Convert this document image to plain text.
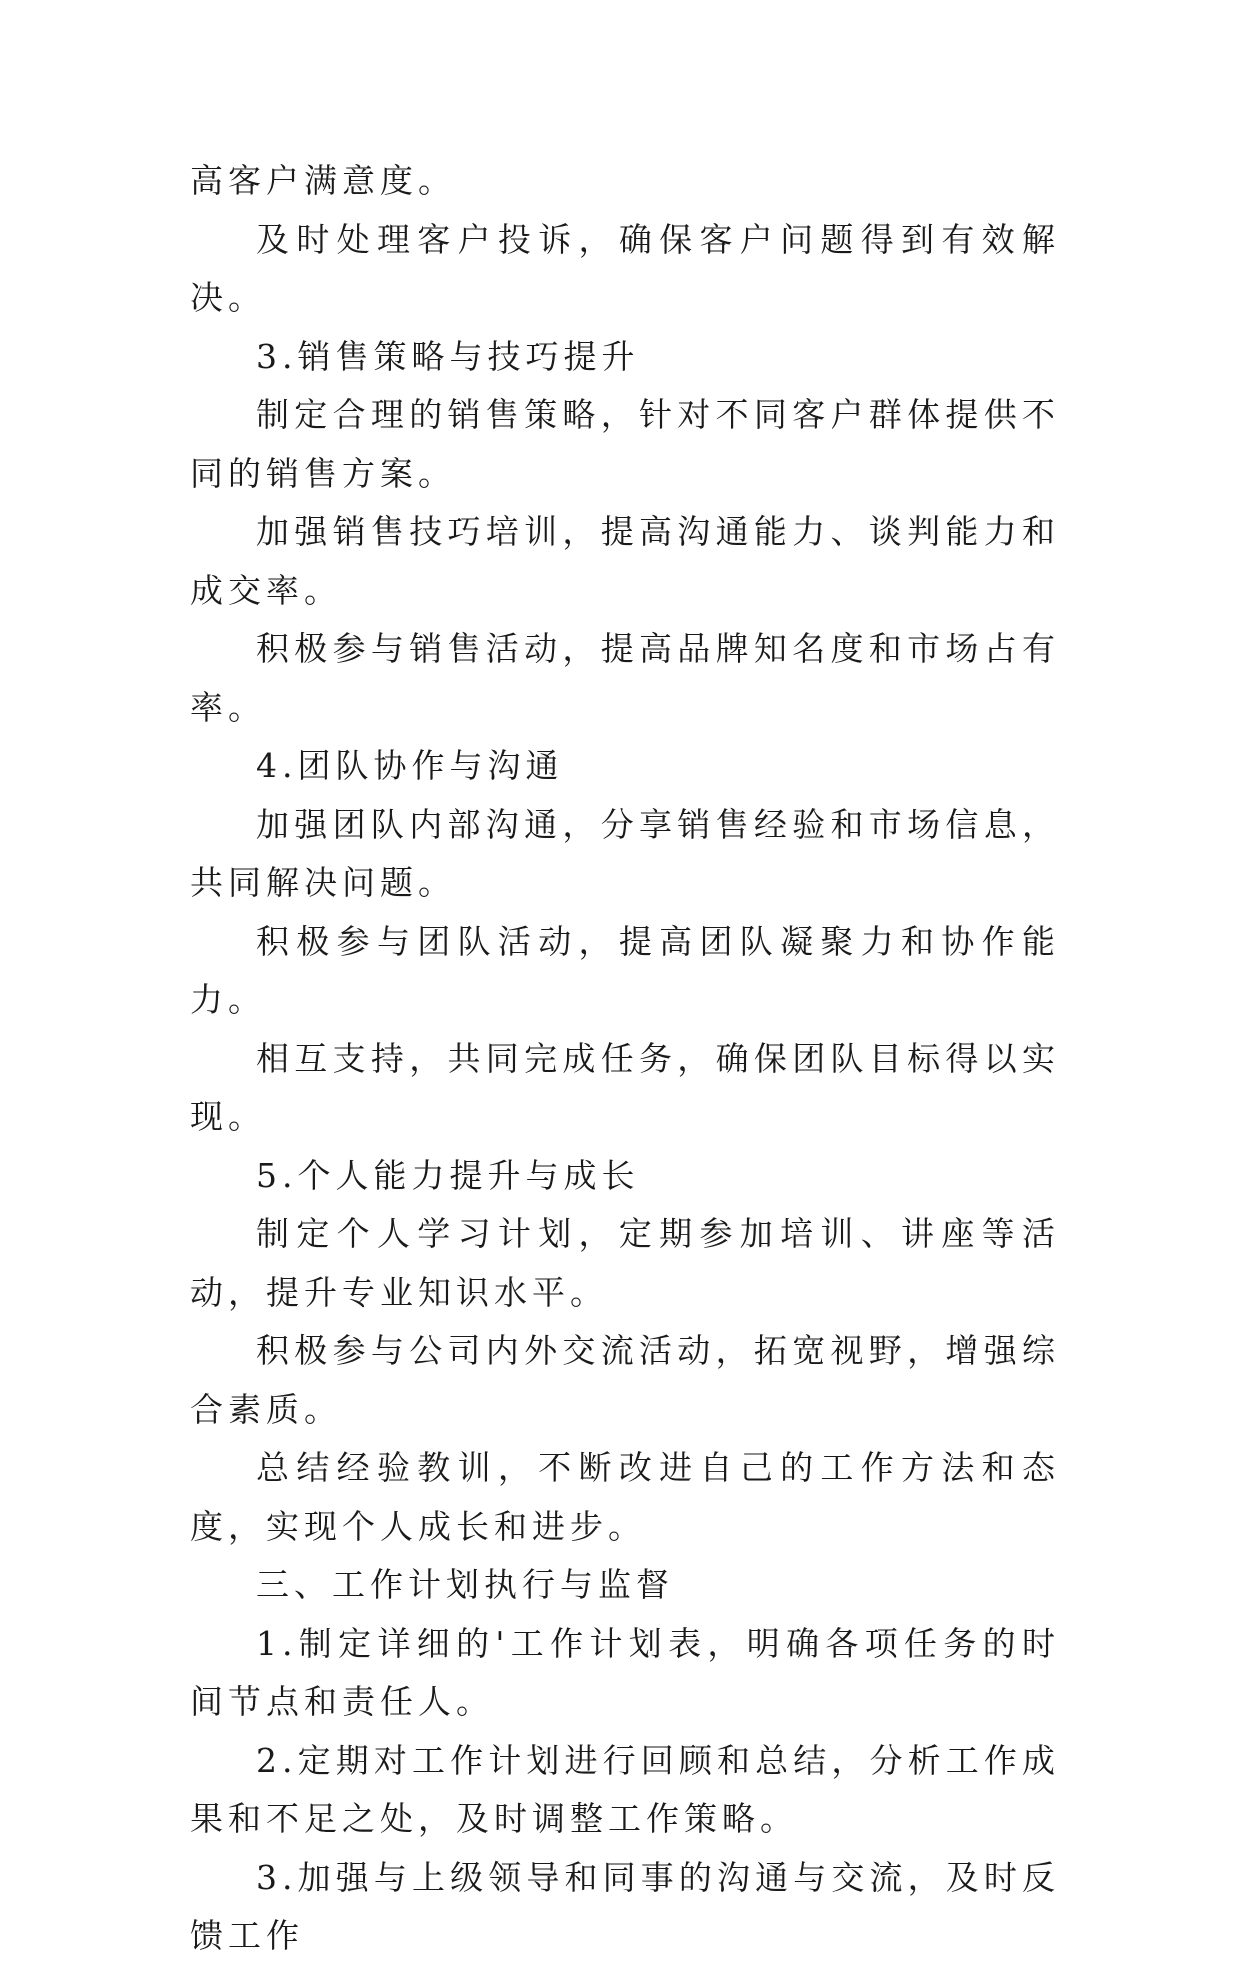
高客户满意度。

及时处理客户投诉，确保客户问题得到有效解决。

3.销售策略与技巧提升

制定合理的销售策略，针对不同客户群体提供不同的销售方案。

加强销售技巧培训，提高沟通能力、谈判能力和成交率。

积极参与销售活动，提高品牌知名度和市场占有率。

4.团队协作与沟通

加强团队内部沟通，分享销售经验和市场信息，共同解决问题。

积极参与团队活动，提高团队凝聚力和协作能力。

相互支持，共同完成任务，确保团队目标得以实现。

5.个人能力提升与成长

制定个人学习计划，定期参加培训、讲座等活动，提升专业知识水平。

积极参与公司内外交流活动，拓宽视野，增强综合素质。

总结经验教训，不断改进自己的工作方法和态度，实现个人成长和进步。

三、工作计划执行与监督

1.制定详细的'工作计划表，明确各项任务的时间节点和责任人。

2.定期对工作计划进行回顾和总结，分析工作成果和不足之处，及时调整工作策略。

3.加强与上级领导和同事的沟通与交流，及时反馈工作
